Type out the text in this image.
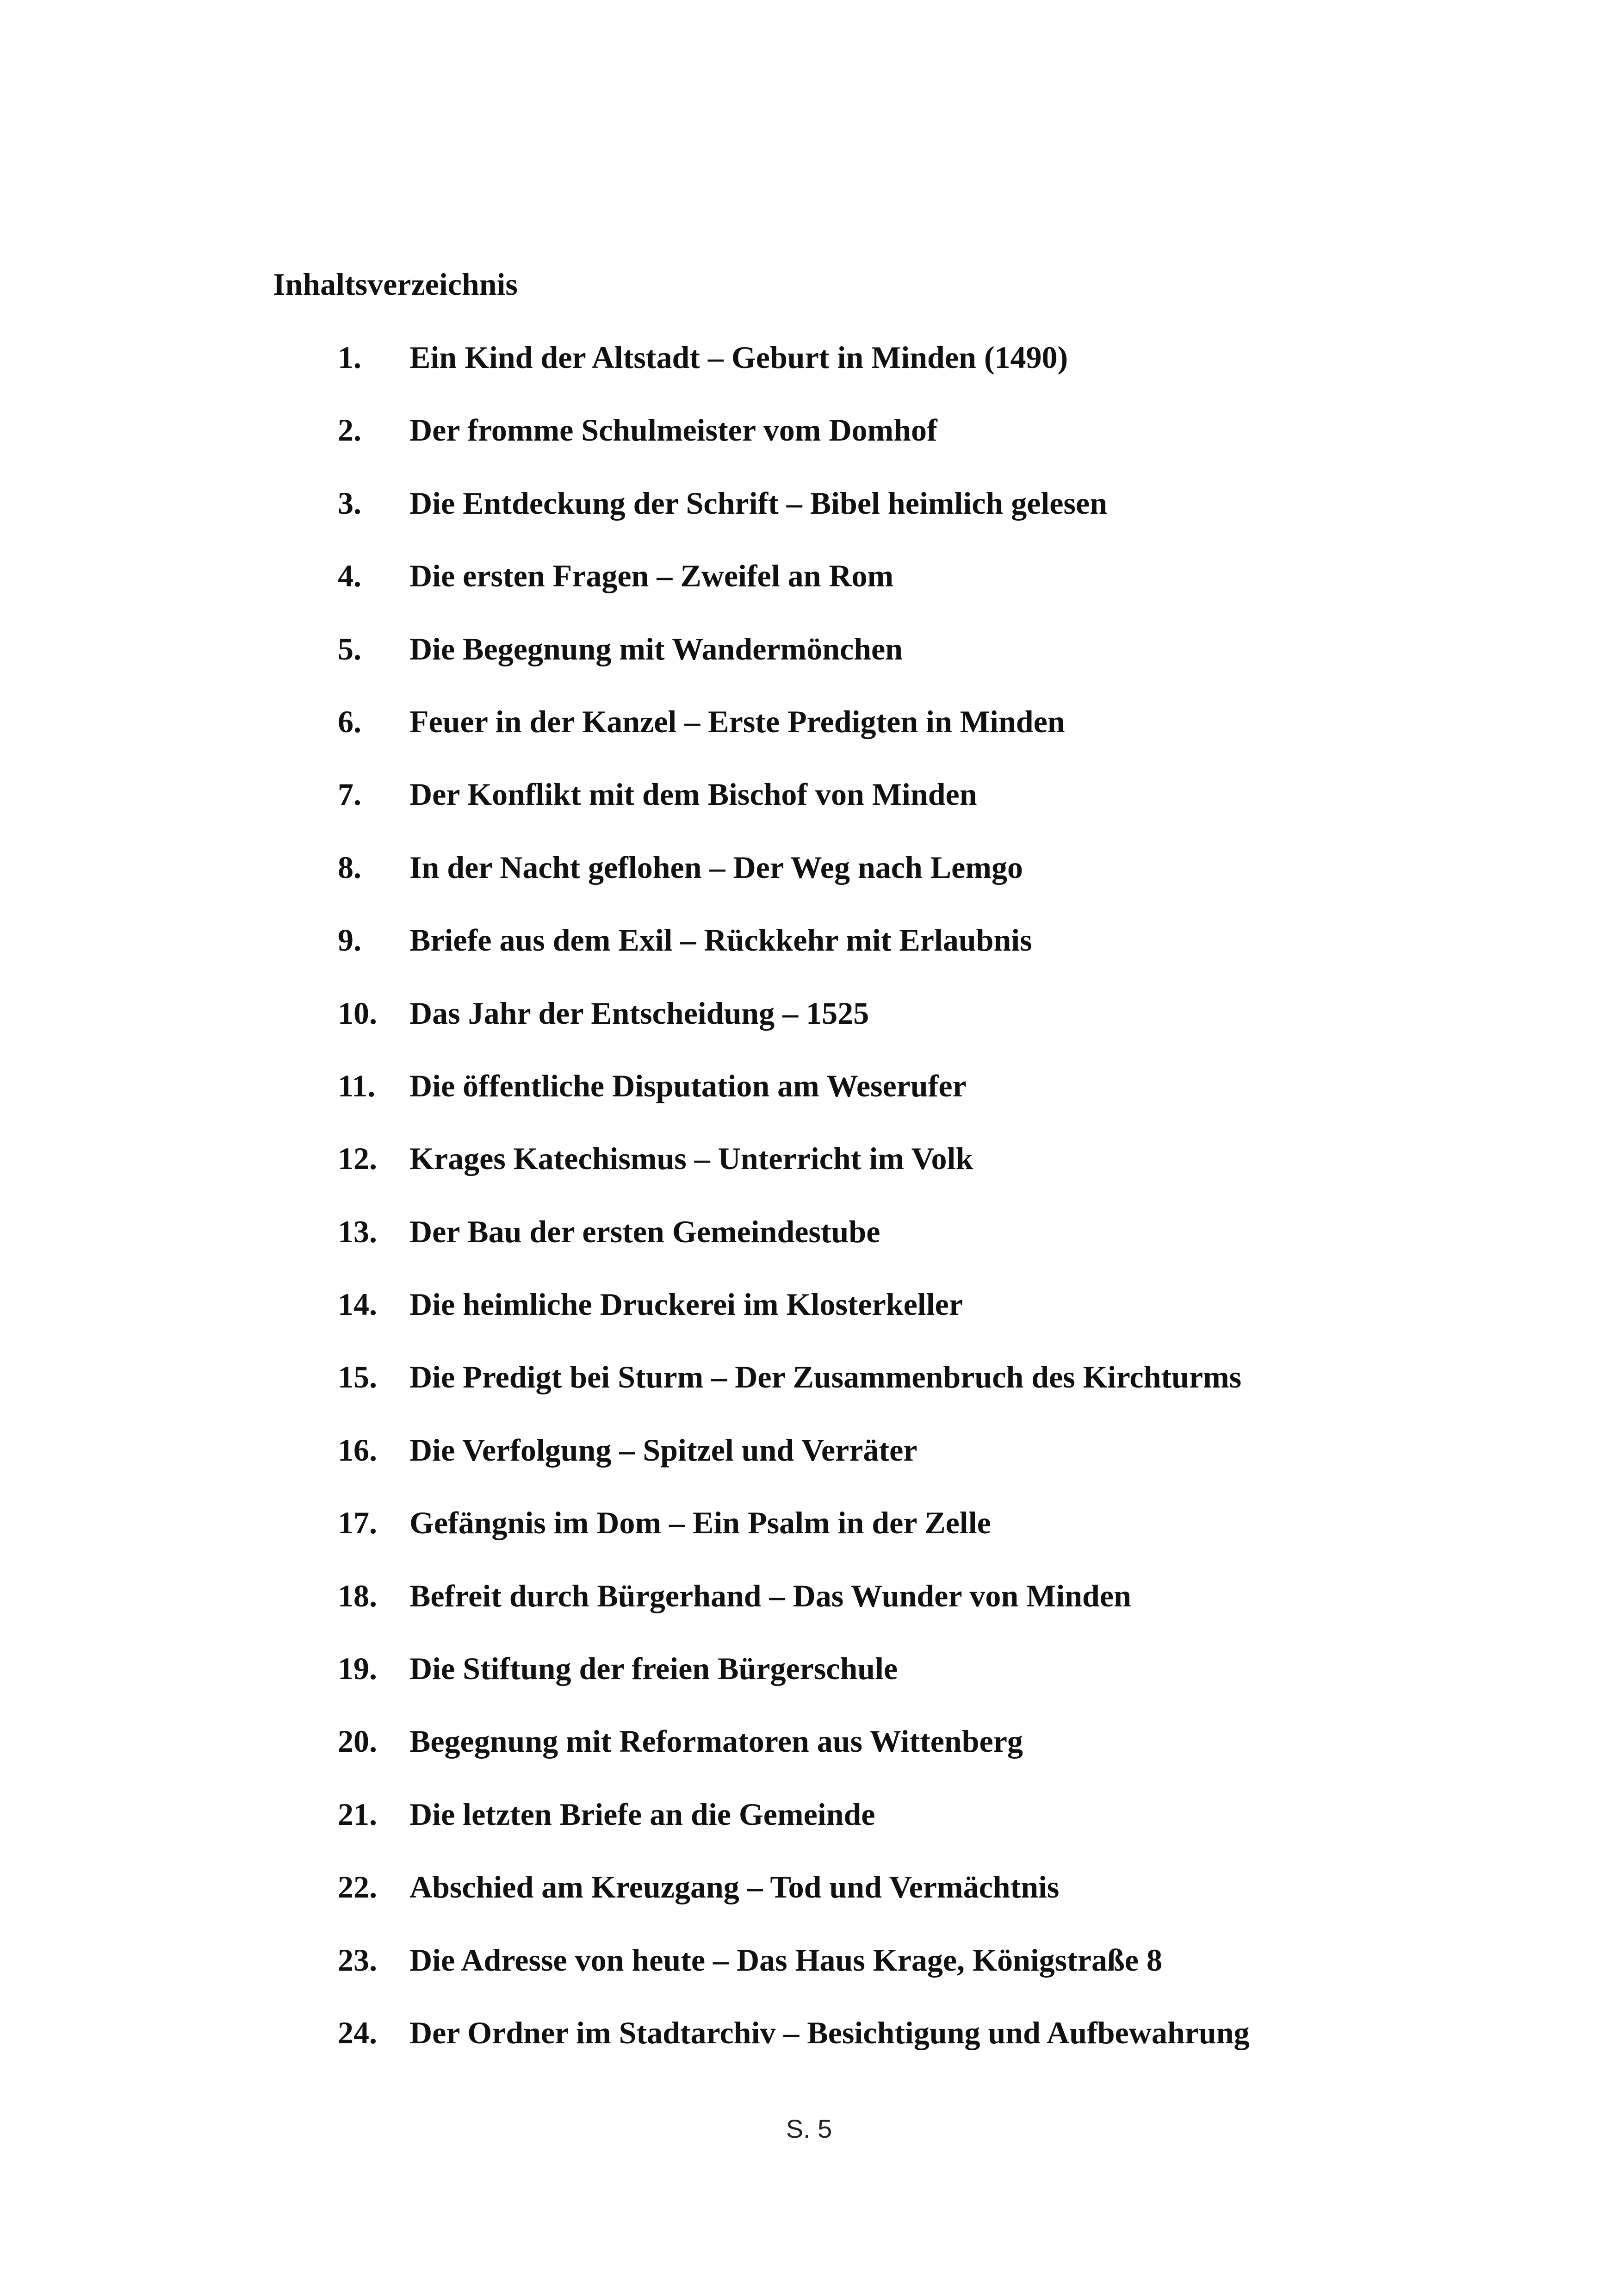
Inhaltsverzeichnis
1.	Ein Kind der Altstadt – Geburt in Minden (1490)
2.	Der fromme Schulmeister vom Domhof
3.	Die Entdeckung der Schrift – Bibel heimlich gelesen
4.	Die ersten Fragen – Zweifel an Rom
5.	Die Begegnung mit Wandermönchen
6.	Feuer in der Kanzel – Erste Predigten in Minden
7.	Der Konflikt mit dem Bischof von Minden
8.	In der Nacht geflohen – Der Weg nach Lemgo
9.	Briefe aus dem Exil – Rückkehr mit Erlaubnis
10.	Das Jahr der Entscheidung – 1525
11.	Die öffentliche Disputation am Weserufer
12.	Krages Katechismus – Unterricht im Volk
13.	Der Bau der ersten Gemeindestube
14.	Die heimliche Druckerei im Klosterkeller
15.	Die Predigt bei Sturm – Der Zusammenbruch des Kirchturms
16.	Die Verfolgung – Spitzel und Verräter
17.	Gefängnis im Dom – Ein Psalm in der Zelle
18.	Befreit durch Bürgerhand – Das Wunder von Minden
19.	Die Stiftung der freien Bürgerschule
20.	Begegnung mit Reformatoren aus Wittenberg
21.	Die letzten Briefe an die Gemeinde
22.	Abschied am Kreuzgang – Tod und Vermächtnis
23.	Die Adresse von heute – Das Haus Krage, Königstraße 8
24.	Der Ordner im Stadtarchiv – Besichtigung und Aufbewahrung
S. 5
